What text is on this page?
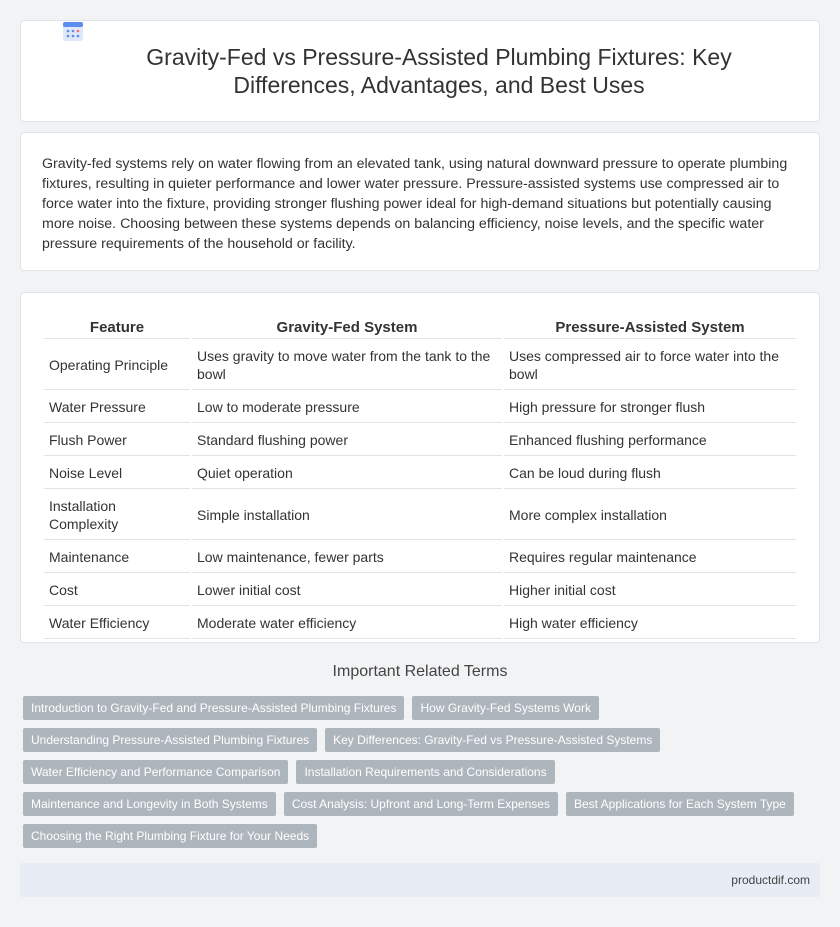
Gravity-Fed vs Pressure-Assisted Plumbing Fixtures: Key Differences, Advantages, and Best Uses

Gravity-fed systems rely on water flowing from an elevated tank, using natural downward pressure to operate plumbing fixtures, resulting in quieter performance and lower water pressure. Pressure-assisted systems use compressed air to force water into the fixture, providing stronger flushing power ideal for high-demand situations but potentially causing more noise. Choosing between these systems depends on balancing efficiency, noise levels, and the specific water pressure requirements of the household or facility.

Feature	Gravity-Fed System	Pressure-Assisted System
Operating Principle	Uses gravity to move water from the tank to the bowl	Uses compressed air to force water into the bowl
Water Pressure	Low to moderate pressure	High pressure for stronger flush
Flush Power	Standard flushing power	Enhanced flushing performance
Noise Level	Quiet operation	Can be loud during flush
Installation Complexity	Simple installation	More complex installation
Maintenance	Low maintenance, fewer parts	Requires regular maintenance
Cost	Lower initial cost	Higher initial cost
Water Efficiency	Moderate water efficiency	High water efficiency
Important Related Terms
Introduction to Gravity-Fed and Pressure-Assisted Plumbing Fixtures	How Gravity-Fed Systems Work
Understanding Pressure-Assisted Plumbing Fixtures	Key Differences: Gravity-Fed vs Pressure-Assisted Systems
Water Efficiency and Performance Comparison	Installation Requirements and Considerations
Maintenance and Longevity in Both Systems	Cost Analysis: Upfront and Long-Term Expenses	Best Applications for Each System Type
Choosing the Right Plumbing Fixture for Your Needs
productdif.com
